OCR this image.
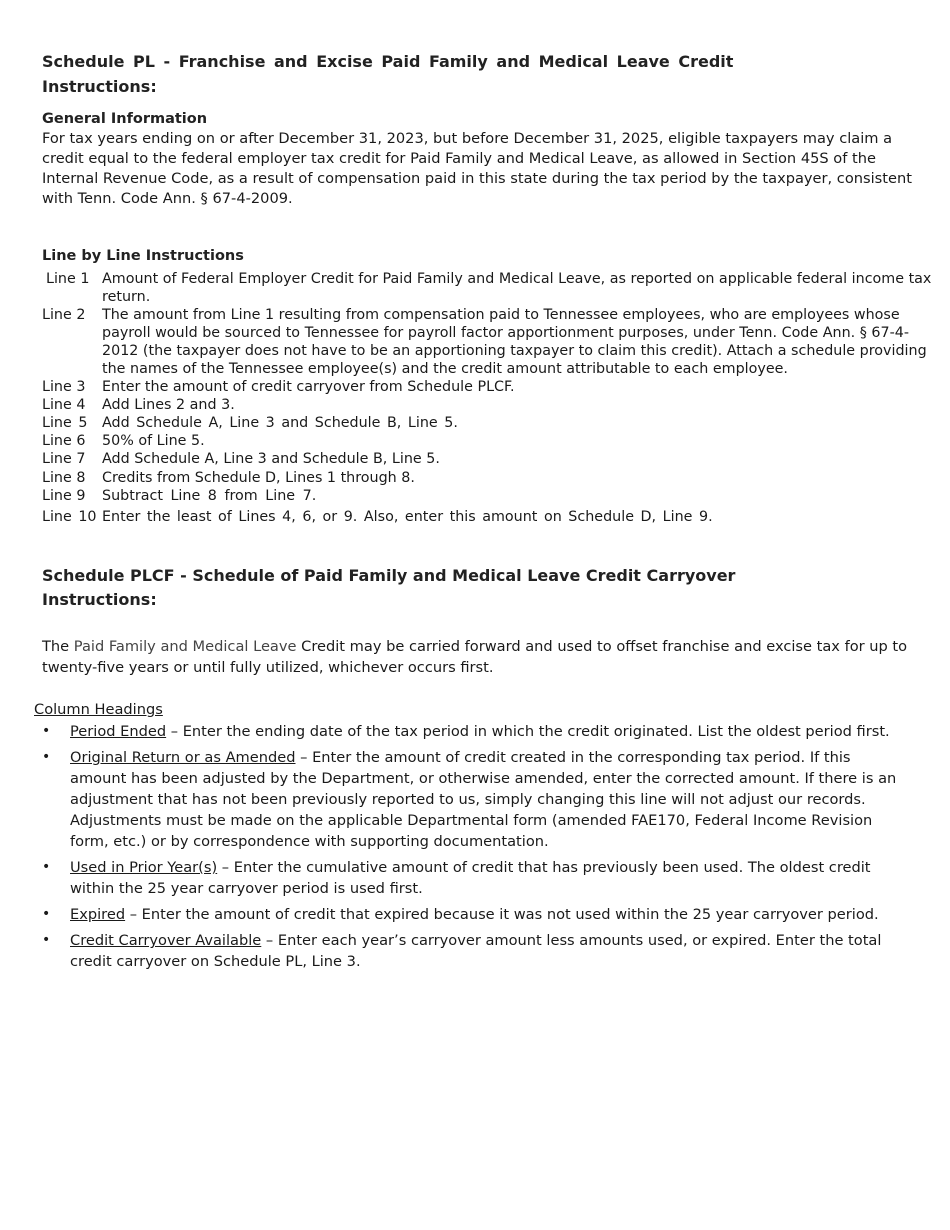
Schedule PL - Franchise and Excise Paid Family and Medical Leave Credit
Instructions:
General Information
For tax years ending on or after December 31, 2023, but before December 31, 2025, eligible taxpayers may claim a credit equal to the federal employer tax credit for Paid Family and Medical Leave, as allowed in Section 45S of the Internal Revenue Code, as a result of compensation paid in this state during the tax period by the taxpayer, consistent with Tenn. Code Ann. § 67-4-2009.
Line by Line Instructions
Line 1 Amount of Federal Employer Credit for Paid Family and Medical Leave, as reported on applicable federal income tax return.
Line 2 The amount from Line 1 resulting from compensation paid to Tennessee employees, who are employees whose payroll would be sourced to Tennessee for payroll factor apportionment purposes, under Tenn. Code Ann. § 67-4-2012 (the taxpayer does not have to be an apportioning taxpayer to claim this credit). Attach a schedule providing the names of the Tennessee employee(s) and the credit amount attributable to each employee.
Line 3 Enter the amount of credit carryover from Schedule PLCF.
Line 4 Add Lines 2 and 3.
Line 5 Add Schedule A, Line 3 and Schedule B, Line 5.
Line 6 50% of Line 5.
Line 7 Add Schedule A, Line 3 and Schedule B, Line 5.
Line 8 Credits from Schedule D, Lines 1 through 8.
Line 9 Subtract Line 8 from Line 7.
Line 10 Enter the least of Lines 4, 6, or 9. Also, enter this amount on Schedule D, Line 9.
Schedule PLCF - Schedule of Paid Family and Medical Leave Credit Carryover
Instructions:
The Paid Family and Medical Leave Credit may be carried forward and used to offset franchise and excise tax for up to twenty-five years or until fully utilized, whichever occurs first.
Column Headings
• Period Ended – Enter the ending date of the tax period in which the credit originated. List the oldest period first.
• Original Return or as Amended – Enter the amount of credit created in the corresponding tax period. If this amount has been adjusted by the Department, or otherwise amended, enter the corrected amount. If there is an adjustment that has not been previously reported to us, simply changing this line will not adjust our records. Adjustments must be made on the applicable Departmental form (amended FAE170, Federal Income Revision form, etc.) or by correspondence with supporting documentation.
• Used in Prior Year(s) – Enter the cumulative amount of credit that has previously been used. The oldest credit within the 25 year carryover period is used first.
• Expired – Enter the amount of credit that expired because it was not used within the 25 year carryover period.
• Credit Carryover Available – Enter each year’s carryover amount less amounts used, or expired. Enter the total credit carryover on Schedule PL, Line 3.
